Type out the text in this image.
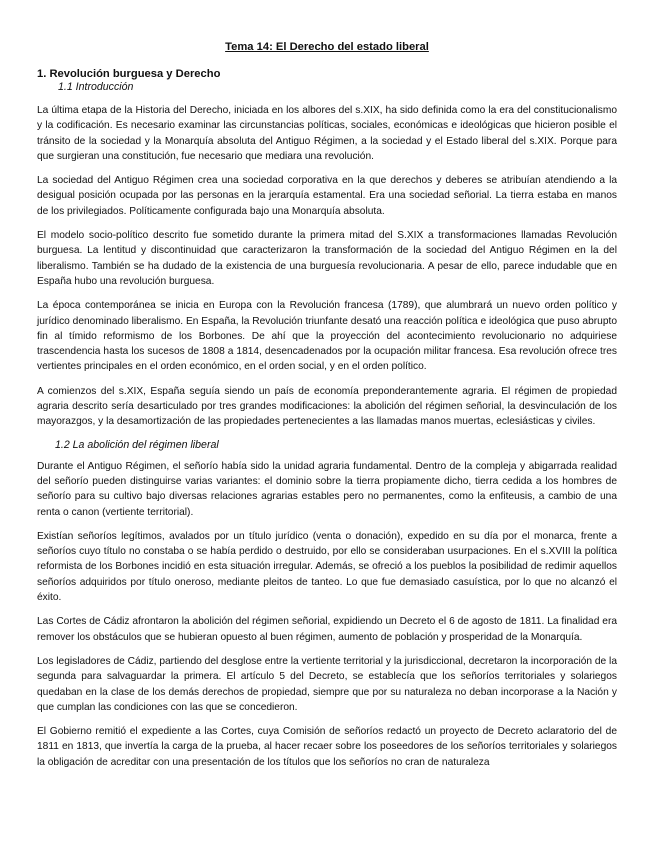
Tema 14: El Derecho del estado liberal
1. Revolución burguesa y Derecho
1.1 Introducción

La última etapa de la Historia del Derecho, iniciada en los albores del s.XIX, ha sido definida como la era del constitucionalismo y la codificación. Es necesario examinar las circunstancias políticas, sociales, económicas e ideológicas que hicieron posible el tránsito de la sociedad y la Monarquía absoluta del Antiguo Régimen, a la sociedad y el Estado liberal del s.XIX. Porque para que surgieran una constitución, fue necesario que mediara una revolución.

La sociedad del Antiguo Régimen crea una sociedad corporativa en la que derechos y deberes se atribuían atendiendo a la desigual posición ocupada por las personas en la jerarquía estamental. Era una sociedad señorial. La tierra estaba en manos de los privilegiados. Políticamente configurada bajo una Monarquía absoluta.

El modelo socio-político descrito fue sometido durante la primera mitad del S.XIX a transformaciones llamadas Revolución burguesa. La lentitud y discontinuidad que caracterizaron la transformación de la sociedad del Antiguo Régimen en la del liberalismo. También se ha dudado de la existencia de una burguesía revolucionaria. A pesar de ello, parece indudable que en España hubo una revolución burguesa.

La época contemporánea se inicia en Europa con la Revolución francesa (1789), que alumbrará un nuevo orden político y jurídico denominado liberalismo. En España, la Revolución triunfante desató una reacción política e ideológica que puso abrupto fin al tímido reformismo de los Borbones. De ahí que la proyección del acontecimiento revolucionario no adquiriese trascendencia hasta los sucesos de 1808 a 1814, desencadenados por la ocupación militar francesa. Esa revolución ofrece tres vertientes principales en el orden económico, en el orden social, y en el orden político.

A comienzos del s.XIX, España seguía siendo un país de economía preponderantemente agraria. El régimen de propiedad agraria descrito sería desarticulado por tres grandes modificaciones: la abolición del régimen señorial, la desvinculación de los mayorazgos, y la desamortización de las propiedades pertenecientes a las llamadas manos muertas, eclesiásticas y civiles.

1.2 La abolición del régimen liberal

Durante el Antiguo Régimen, el señorío había sido la unidad agraria fundamental. Dentro de la compleja y abigarrada realidad del señorío pueden distinguirse varias variantes: el dominio sobre la tierra propiamente dicho, tierra cedida a los hombres de señorío para su cultivo bajo diversas relaciones agrarias estables pero no permanentes, como la enfiteusis, a cambio de una renta o canon (vertiente territorial).

Existían señoríos legítimos, avalados por un título jurídico (venta o donación), expedido en su día por el monarca, frente a señoríos cuyo título no constaba o se había perdido o destruido, por ello se consideraban usurpaciones. En el s.XVIII la política reformista de los Borbones incidió en esta situación irregular. Además, se ofreció a los pueblos la posibilidad de redimir aquellos señoríos adquiridos por título oneroso, mediante pleitos de tanteo. Lo que fue demasiado casuística, por lo que no alcanzó el éxito.

Las Cortes de Cádiz afrontaron la abolición del régimen señorial, expidiendo un Decreto el 6 de agosto de 1811. La finalidad era remover los obstáculos que se hubieran opuesto al buen régimen, aumento de población y prosperidad de la Monarquía.

Los legisladores de Cádiz, partiendo del desglose entre la vertiente territorial y la jurisdiccional, decretaron la incorporación de la segunda para salvaguardar la primera. El artículo 5 del Decreto, se establecía que los señoríos territoriales y solariegos quedaban en la clase de los demás derechos de propiedad, siempre que por su naturaleza no deban incorporase a la Nación y que cumplan las condiciones con las que se concedieron.

El Gobierno remitió el expediente a las Cortes, cuya Comisión de señoríos redactó un proyecto de Decreto aclaratorio del de 1811 en 1813, que invertía la carga de la prueba, al hacer recaer sobre los poseedores de los señoríos territoriales y solariegos la obligación de acreditar con una presentación de los títulos que los señoríos no cran de naturaleza
